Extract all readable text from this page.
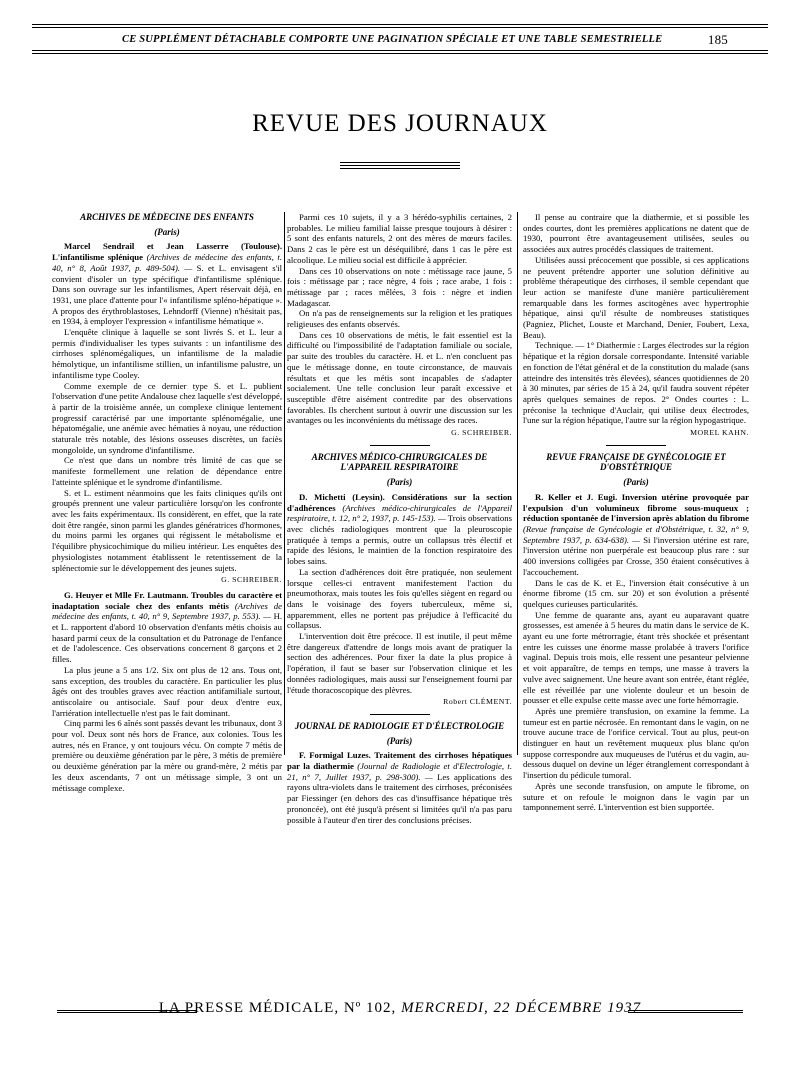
CE SUPPLÉMENT DÉTACHABLE COMPORTE UNE PAGINATION SPÉCIALE ET UNE TABLE SEMESTRIELLE	185
REVUE DES JOURNAUX

ARCHIVES DE MÉDECINE DES ENFANTS

(Paris)

Marcel Sendrail et Jean Lasserre (Toulouse). L'infantilisme splénique (Archives de médecine des enfants, t. 40, n° 8, Août 1937, p. 489-504). — S. et L. envisagent s'il convient d'isoler un type spécifique d'infantilisme splénique. Dans son ouvrage sur les infantilismes, Apert réservait déjà, en 1931, une place d'attente pour l'« infantilisme spléno-hépatique ». A propos des érythroblastoses, Lehndorff (Vienne) n'hésitait pas, en 1934, à employer l'expression « infantilisme hématique ».

L'enquête clinique à laquelle se sont livrés S. et L. leur a permis d'individualiser les types suivants : un infantilisme des cirrhoses splénomégaliques, un infantilisme de la maladie hémolytique, un infantilisme stillien, un infantilisme palustre, un infantilisme type Cooley.

Comme exemple de ce dernier type S. et L. publient l'observation d'une petite Andalouse chez laquelle s'est développé, à partir de la troisième année, un complexe clinique lentement progressif caractérisé par une importante splénomégalie, une hépatomégalie, une anémie avec hématies à noyau, une réduction staturale très notable, des lésions osseuses discrètes, un faciès mongoloïde, un syndrome d'infantilisme.

Ce n'est que dans un nombre très limité de cas que se manifeste formellement une relation de dépendance entre l'atteinte splénique et le syndrome d'infantilisme.

S. et L. estiment néanmoins que les faits cliniques qu'ils ont groupés prennent une valeur particulière lorsqu'on les confronte avec les faits expérimentaux. Ils considèrent, en effet, que la rate doit être rangée, sinon parmi les glandes génératrices d'hormones, du moins parmi les organes qui régissent le métabolisme et l'équilibre physicochimique du milieu intérieur. Les enquêtes des physiologistes notamment établissent le retentissement de la splénectomie sur le développement des jeunes sujets.

G. SCHREIBER.

G. Heuyer et Mlle Fr. Lautmann. Troubles du caractère et inadaptation sociale chez des enfants métis (Archives de médecine des enfants, t. 40, n° 9, Septembre 1937, p. 553). — H. et L. rapportent d'abord 10 observation d'enfants métis choisis au hasard parmi ceux de la consultation et du Patronage de l'enfance et de l'adolescence. Ces observations concernent 8 garçons et 2 filles.

La plus jeune a 5 ans 1/2. Six ont plus de 12 ans. Tous ont, sans exception, des troubles du caractère. En particulier les plus âgés ont des troubles graves avec réaction antifamiliale surtout, antiscolaire ou antisociale. Sauf pour deux d'entre eux, l'arriération intellectuelle n'est pas le fait dominant.

Cinq parmi les 6 aînés sont passés devant les tribunaux, dont 3 pour vol. Deux sont nés hors de France, aux colonies. Tous les autres, nés en France, y ont toujours vécu. On compte 7 métis de première ou deuxième génération par le père, 3 métis de première ou deuxième génération par la mère ou grand-mère, 2 métis par les deux ascendants, 7 ont un métissage simple, 3 ont un métissage complexe.

Parmi ces 10 sujets, il y a 3 hérédo-syphilis certaines, 2 probables. Le milieu familial laisse presque toujours à désirer : 5 sont des enfants naturels, 2 ont des mères de mœurs faciles. Dans 2 cas le père est un déséquilibré, dans 1 cas le père est alcoolique. Le milieu social est difficile à apprécier.

Dans ces 10 observations on note : métissage race jaune, 5 fois : métissage par ; race nègre, 4 fois ; race arabe, 1 fois : métissage par ; races mêlées, 3 fois : nègre et indien Madagascar.

On n'a pas de renseignements sur la religion et les pratiques religieuses des enfants observés.

Dans ces 10 observations de métis, le fait essentiel est la difficulté ou l'impossibilité de l'adaptation familiale ou sociale, par suite des troubles du caractère. H. et L. n'en concluent pas que le métissage donne, en toute circonstance, de mauvais résultats et que les métis sont incapables de s'adapter socialement. Une telle conclusion leur paraît excessive et susceptible d'être aisément contredite par des observations favorables. Ils cherchent surtout à ouvrir une discussion sur les avantages ou les inconvénients du métissage des races.

G. SCHREIBER.

ARCHIVES MÉDICO-CHIRURGICALES DE L'APPAREIL RESPIRATOIRE

(Paris)

D. Michetti (Leysin). Considérations sur la section d'adhérences (Archives médico-chirurgicales de l'Appareil respiratoire, t. 12, n° 2, 1937, p. 145-153). — Trois observations avec clichés radiologiques montrent que la pleuroscopie pratiquée à temps a permis, outre un collapsus très électif et rapide des lésions, le maintien de la fonction respiratoire des lobes sains.

La section d'adhérences doit être pratiquée, non seulement lorsque celles-ci entravent manifestement l'action du pneumothorax, mais toutes les fois qu'elles siègent en regard ou dans le voisinage des foyers tuberculeux, même si, apparemment, elles ne portent pas préjudice à l'efficacité du collapsus.

L'intervention doit être précoce. Il est inutile, il peut même être dangereux d'attendre de longs mois avant de pratiquer la section des adhérences. Pour fixer la date la plus propice à l'opération, il faut se baser sur l'observation clinique et les données radiologiques, mais aussi sur l'enseignement fourni par l'étude thoracoscopique des plèvres.

Robert CLÉMENT.

JOURNAL DE RADIOLOGIE ET D'ÉLECTROLOGIE

(Paris)

F. Formigal Luzes. Traitement des cirrhoses hépatiques par la diathermie (Journal de Radiologie et d'Electrologie, t. 21, n° 7, Juillet 1937, p. 298-300). — Les applications des rayons ultra-violets dans le traitement des cirrhoses, préconisées par Fiessinger (en dehors des cas d'insuffisance hépatique très prononcée), ont été jusqu'à présent si limitées qu'il n'a pas paru possible à l'auteur d'en tirer des conclusions précises.

Il pense au contraire que la diathermie, et si possible les ondes courtes, dont les premières applications ne datent que de 1930, pourront être avantageusement utilisées, seules ou associées aux autres procédés classiques de traitement.

Utilisées aussi précocement que possible, si ces applications ne peuvent prétendre apporter une solution définitive au problème thérapeutique des cirrhoses, il semble cependant que leur action se manifeste d'une manière particulièrement remarquable dans les formes ascitogènes avec hypertrophie hépatique, ainsi qu'il résulte de nombreuses statistiques (Pagniez, Plichet, Louste et Marchand, Denier, Foubert, Lexa, Beau).

Technique. — 1° Diathermie : Larges électrodes sur la région hépatique et la région dorsale correspondante. Intensité variable en fonction de l'état général et de la constitution du malade (sans atteindre des intensités très élevées), séances quotidiennes de 20 à 30 minutes, par séries de 15 à 24, qu'il faudra souvent répéter après quelques semaines de repos. 2° Ondes courtes : L. préconise la technique d'Auclair, qui utilise deux électrodes, l'une sur la région hépatique, l'autre sur la région hypogastrique.

MOREL KAHN.

REVUE FRANÇAISE DE GYNÉCOLOGIE ET D'OBSTÉTRIQUE

(Paris)

R. Keller et J. Eugi. Inversion utérine provoquée par l'expulsion d'un volumineux fibrome sous-muqueux ; réduction spontanée de l'inversion après ablation du fibrome (Revue française de Gynécologie et d'Obstétrique, t. 32, n° 9, Septembre 1937, p. 634-638). — Si l'inversion utérine est rare, l'inversion utérine non puerpérale est beaucoup plus rare : sur 400 inversions colligées par Crosse, 350 étaient consécutives à l'accouchement.

Dans le cas de K. et E., l'inversion était consécutive à un énorme fibrome (15 cm. sur 20) et son évolution a présenté quelques curieuses particularités.

Une femme de quarante ans, ayant eu auparavant quatre grossesses, est amenée à 5 heures du matin dans le service de K. ayant eu une forte métrorragie, étant très shockée et présentant entre les cuisses une énorme masse prolabée à travers l'orifice vaginal. Depuis trois mois, elle ressent une pesanteur pelvienne et voit apparaître, de temps en temps, une masse à travers la vulve avec saignement. Une heure avant son entrée, étant réglée, elle est réveillée par une violente douleur et un besoin de pousser et elle expulse cette masse avec une forte hémorragie.

Après une première transfusion, on examine la femme. La tumeur est en partie nécrosée. En remontant dans le vagin, on ne trouve aucune trace de l'orifice cervical. Tout au plus, peut-on distinguer en haut un revêtement muqueux plus blanc qu'on suppose correspondre aux muqueuses de l'utérus et du vagin, au-dessous duquel on devine un léger étranglement correspondant à l'insertion du pédicule tumoral.

Après une seconde transfusion, on ampute le fibrome, on suture et on refoule le moignon dans le vagin par un tamponnement serré. L'intervention est bien supportée.

LA PRESSE MÉDICALE, Nº 102, MERCREDI, 22 DÉCEMBRE 1937
